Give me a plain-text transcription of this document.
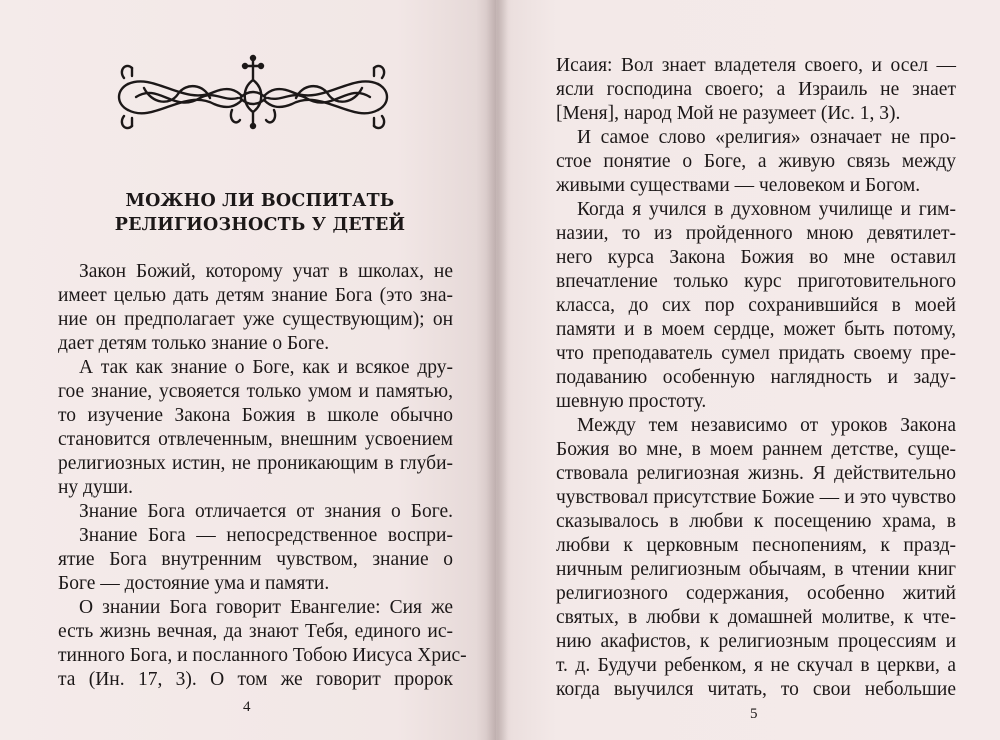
МОЖНО ЛИ ВОСПИТАТЬ
РЕЛИГИОЗНОСТЬ У ДЕТЕЙ
Закон Божий, которому учат в школах, не
имеет целью дать детям знание Бога (это зна-
ние он предполагает уже существующим); он
дает детям только знание о Боге.
А так как знание о Боге, как и всякое дру-
гое знание, усвояется только умом и памятью,
то изучение Закона Божия в школе обычно
становится отвлеченным, внешним усвоением
религиозных истин, не проникающим в глуби-
ну души.
Знание Бога отличается от знания о Боге.
Знание Бога — непосредственное воспри-
ятие Бога внутренним чувством, знание о
Боге — достояние ума и памяти.
О знании Бога говорит Евангелие: Сия же
есть жизнь вечная, да знают Тебя, единого ис-
тинного Бога, и посланного Тобою Иисуса Хрис-
та (Ин. 17, 3). О том же говорит пророк
4
Исаия: Вол знает владетеля своего, и осел —
ясли господина своего; а Израиль не знает
[Меня], народ Мой не разумеет (Ис. 1, 3).
И самое слово «религия» означает не про-
стое понятие о Боге, а живую связь между
живыми существами — человеком и Богом.
Когда я учился в духовном училище и гим-
назии, то из пройденного мною девятилет-
него курса Закона Божия во мне оставил
впечатление только курс приготовительного
класса, до сих пор сохранившийся в моей
памяти и в моем сердце, может быть потому,
что преподаватель сумел придать своему пре-
подаванию особенную наглядность и заду-
шевную простоту.
Между тем независимо от уроков Закона
Божия во мне, в моем раннем детстве, суще-
ствовала религиозная жизнь. Я действительно
чувствовал присутствие Божие — и это чувство
сказывалось в любви к посещению храма, в
любви к церковным песнопениям, к празд-
ничным религиозным обычаям, в чтении книг
религиозного содержания, особенно житий
святых, в любви к домашней молитве, к чте-
нию акафистов, к религиозным процессиям и
т. д. Будучи ребенком, я не скучал в церкви, а
когда выучился читать, то свои небольшие
5
